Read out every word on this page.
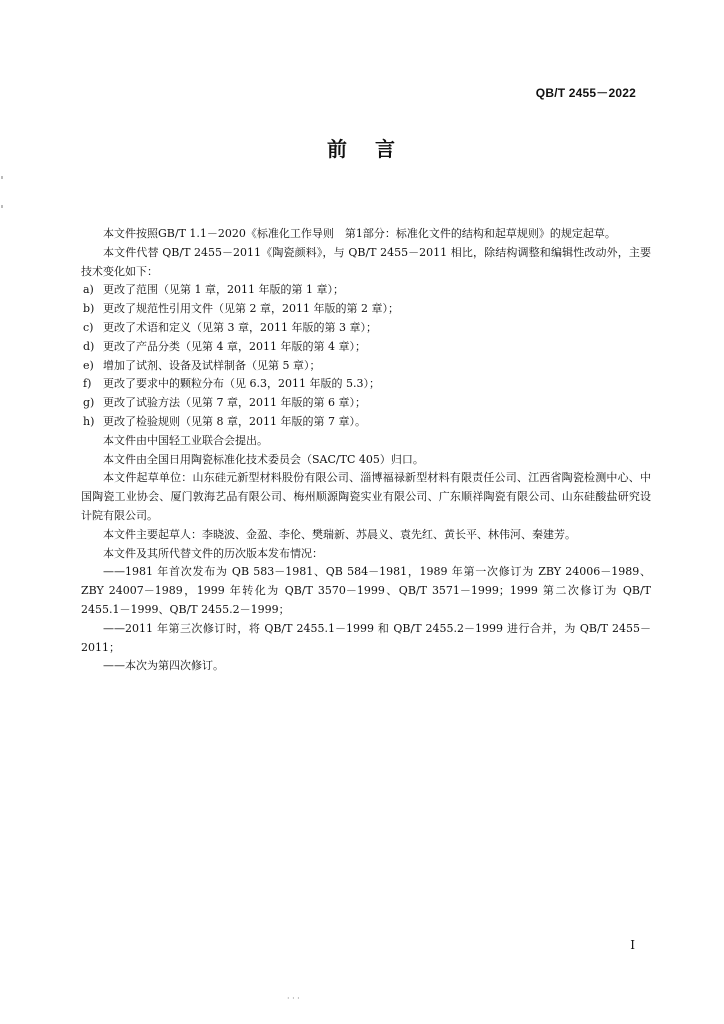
QB/T 2455－2022
前 言

本文件按照GB/T 1.1－2020《标准化工作导则　第1部分：标准化文件的结构和起草规则》的规定起草。

本文件代替 QB/T 2455－2011《陶瓷颜料》，与 QB/T 2455－2011 相比，除结构调整和编辑性改动外，主要技术变化如下：

a) 更改了范围（见第 1 章，2011 年版的第 1 章）；

b) 更改了规范性引用文件（见第 2 章，2011 年版的第 2 章）；

c) 更改了术语和定义（见第 3 章，2011 年版的第 3 章）；

d) 更改了产品分类（见第 4 章，2011 年版的第 4 章）；

e) 增加了试剂、设备及试样制备（见第 5 章）；

f)	更改了要求中的颗粒分布（见 6.3，2011 年版的 5.3）；

g) 更改了试验方法（见第 7 章，2011 年版的第 6 章）；

h) 更改了检验规则（见第 8 章，2011 年版的第 7 章）。

本文件由中国轻工业联合会提出。

本文件由全国日用陶瓷标准化技术委员会（SAC/TC 405）归口。

本文件起草单位：山东硅元新型材料股份有限公司、淄博福禄新型材料有限责任公司、江西省陶瓷检测中心、中国陶瓷工业协会、厦门敦海艺品有限公司、梅州顺源陶瓷实业有限公司、广东顺祥陶瓷有限公司、山东硅酸盐研究设计院有限公司。

本文件主要起草人：李晓波、金盈、李伦、樊瑞新、苏晨义、袁先红、黄长平、林伟河、秦建芳。

本文件及其所代替文件的历次版本发布情况：

——1981 年首次发布为 QB 583－1981、QB 584－1981，1989 年第一次修订为 ZBY 24006－1989、ZBY 24007－1989，1999 年转化为 QB/T 3570－1999、QB/T 3571－1999；1999 第二次修订为 QB/T 2455.1－1999、QB/T 2455.2－1999；

——2011 年第三次修订时，将 QB/T 2455.1－1999 和 QB/T 2455.2－1999 进行合并，为 QB/T 2455－2011；

——本次为第四次修订。

I
· · ·
